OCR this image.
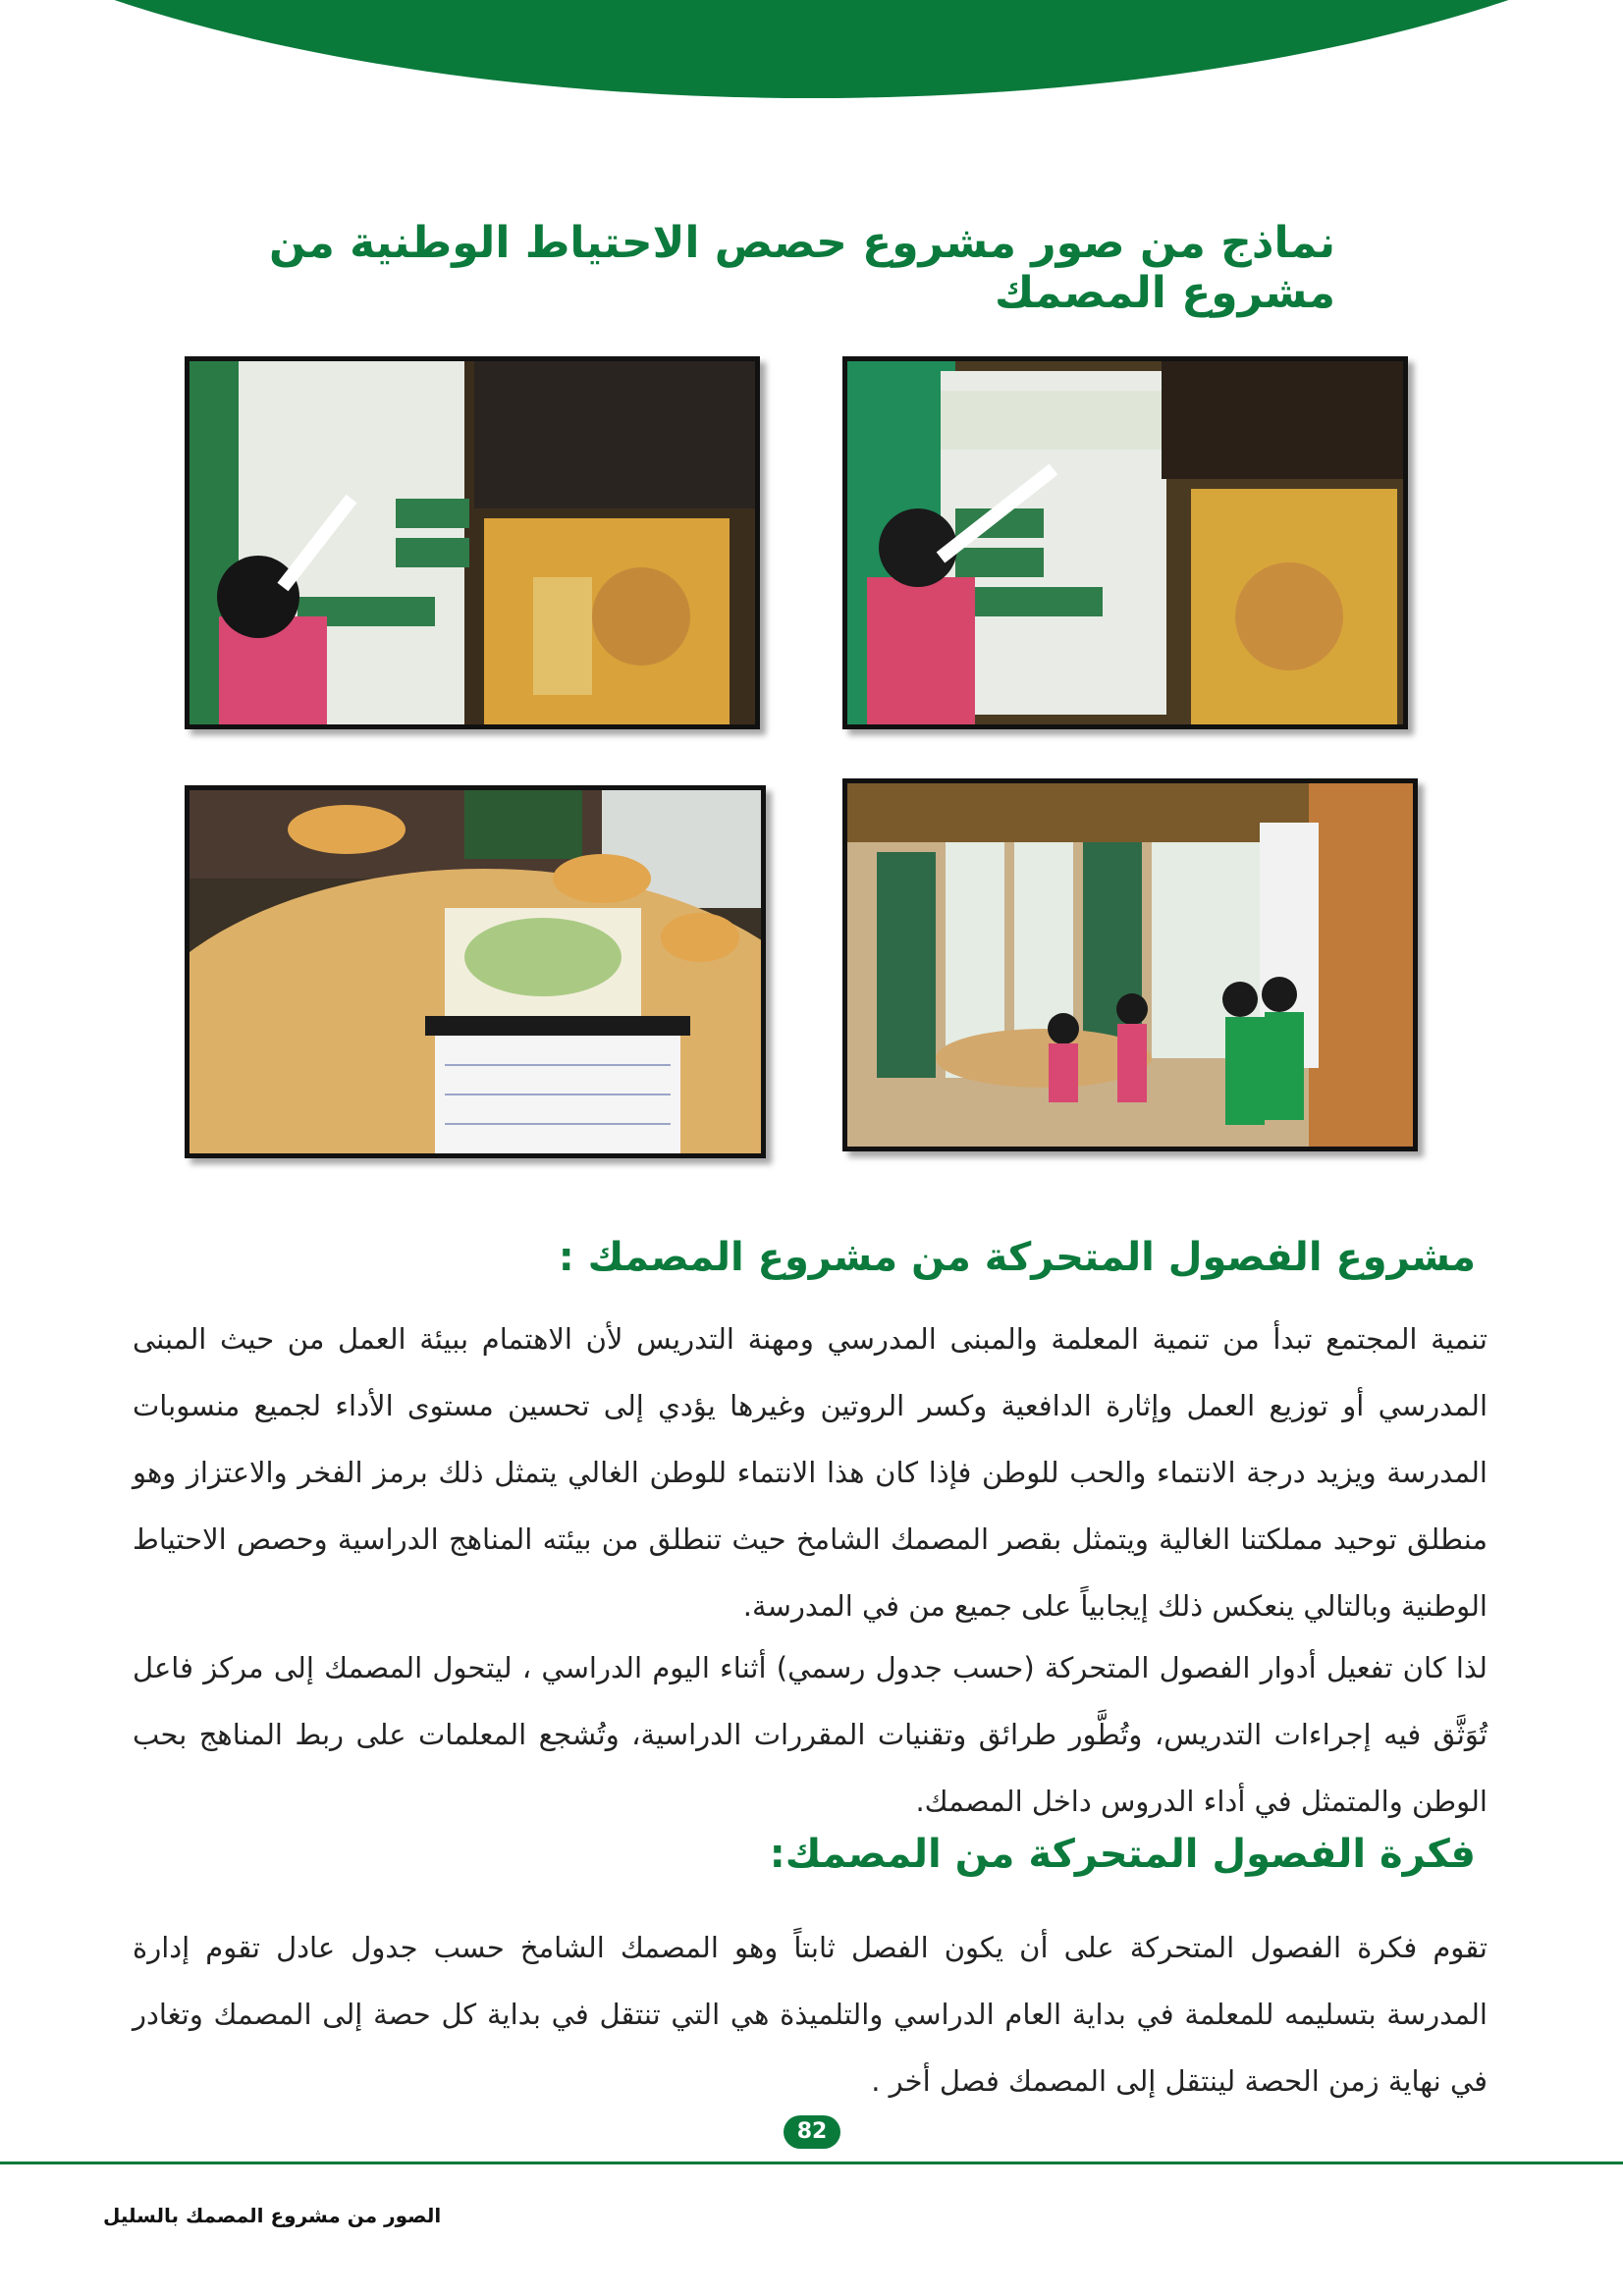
نماذج من صور مشروع حصص الاحتياط الوطنية من مشروع المصمك
مشروع الفصول المتحركة من مشروع المصمك :

تنمية المجتمع تبدأ من تنمية المعلمة والمبنى المدرسي ومهنة التدريس لأن الاهتمام ببيئة العمل من حيث المبنى المدرسي أو توزيع العمل وإثارة الدافعية وكسر الروتين وغيرها يؤدي إلى تحسين مستوى الأداء لجميع منسوبات المدرسة ويزيد درجة الانتماء والحب للوطن فإذا كان هذا الانتماء للوطن الغالي يتمثل ذلك برمز الفخر والاعتزاز وهو منطلق توحيد مملكتنا الغالية ويتمثل بقصر المصمك الشامخ حيث تنطلق من بيئته المناهج الدراسية وحصص الاحتياط الوطنية وبالتالي ينعكس ذلك إيجابياً على جميع من في المدرسة.

لذا كان تفعيل أدوار الفصول المتحركة (حسب جدول رسمي) أثناء اليوم الدراسي ، ليتحول المصمك إلى مركز فاعل تُوَثَّق فيه إجراءات التدريس، وتُطَّور طرائق وتقنيات المقررات الدراسية، وتُشجع المعلمات على ربط المناهج بحب الوطن والمتمثل في أداء الدروس داخل المصمك.

فكرة الفصول المتحركة من المصمك:

تقوم فكرة الفصول المتحركة على أن يكون الفصل ثابتاً وهو المصمك الشامخ حسب جدول عادل تقوم إدارة المدرسة بتسليمه للمعلمة في بداية العام الدراسي والتلميذة هي التي تنتقل في بداية كل حصة إلى المصمك وتغادر في نهاية زمن الحصة لينتقل إلى المصمك فصل أخر .

82
الصور من مشروع المصمك بالسليل
